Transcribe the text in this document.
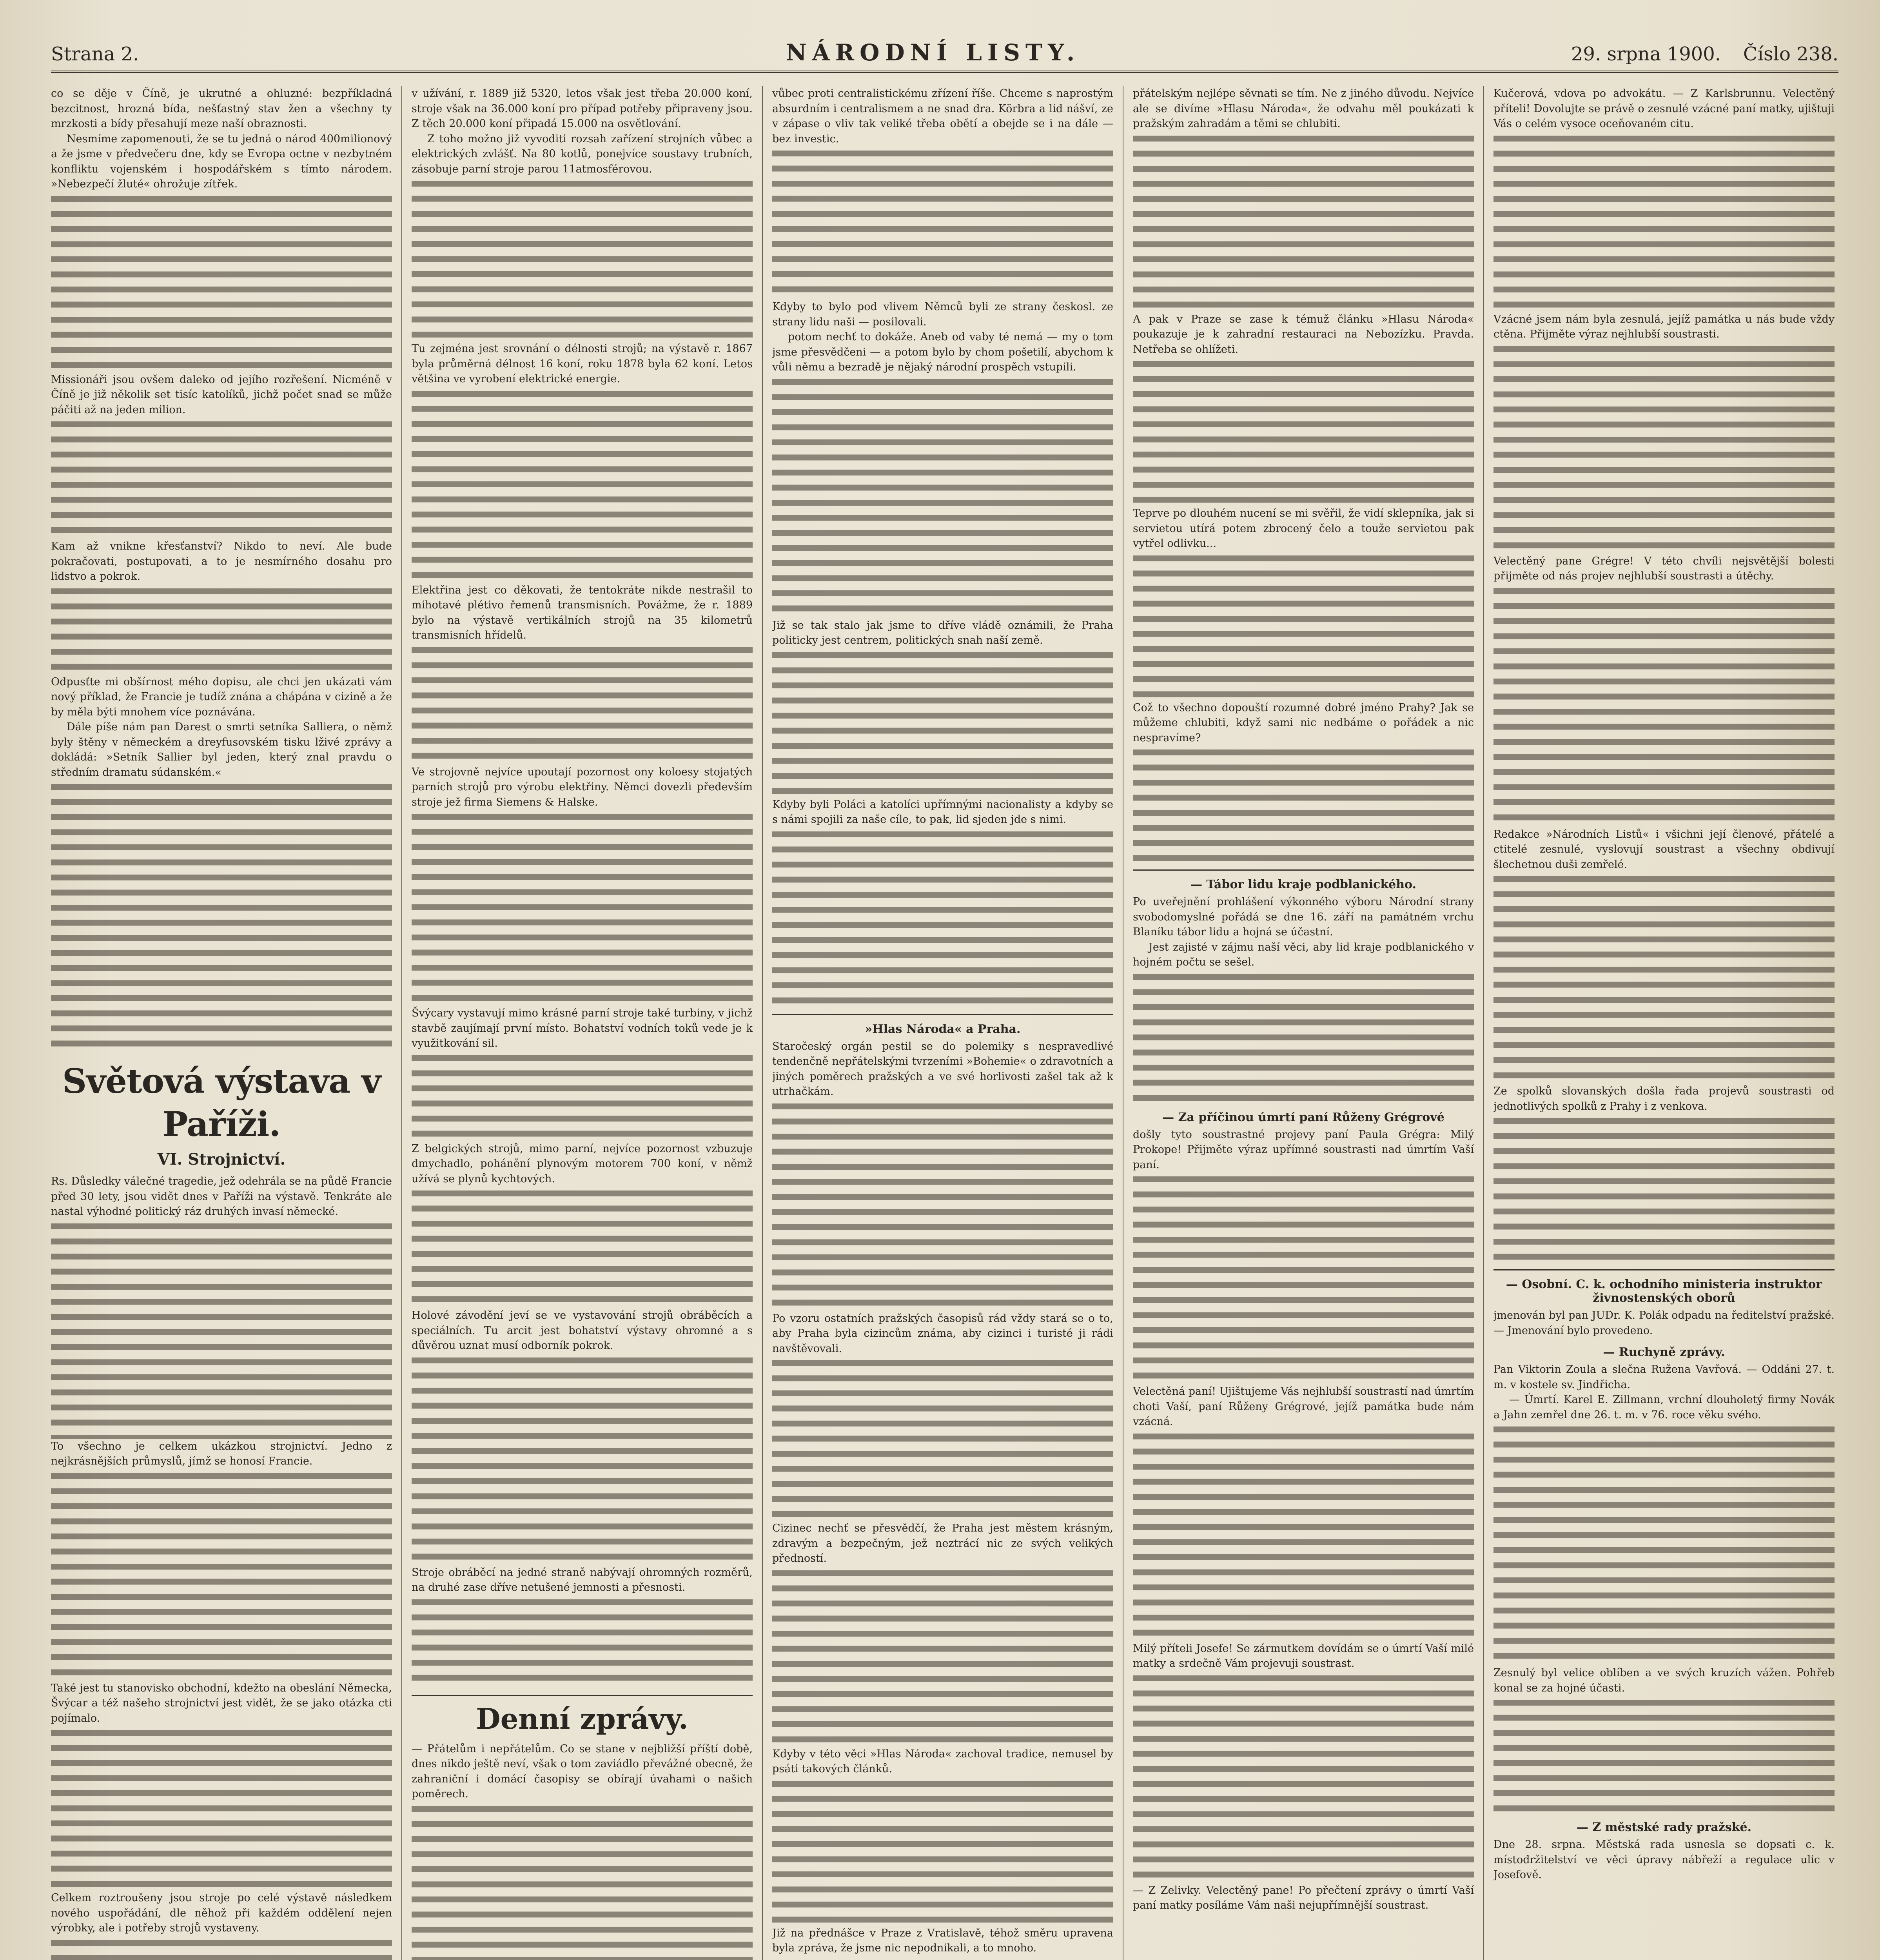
Strana 2.	NÁRODNÍ LISTY.	29. srpna 1900. Číslo 238.

co se děje v Číně, je ukrutné a ohluzné: bezpříkladná bezcitnost, hrozná bída, nešťastný stav žen a všechny ty mrzkosti a bídy přesahují meze naší obraznosti.

Nesmíme zapomenouti, že se tu jedná o národ 400milionový a že jsme v předvečeru dne, kdy se Evropa octne v nezbytném konfliktu vojenském i hospodářském s tímto národem. »Nebezpečí žluté« ohrožuje zítřek.

Missionáři jsou ovšem daleko od jejího rozřešení. Nicméně v Číně je již několik set tisíc katolíků, jichž počet snad se může páčiti až na jeden milion.

Kam až vnikne křesťanství? Nikdo to neví. Ale bude pokračovati, postupovati, a to je nesmírného dosahu pro lidstvo a pokrok.

Odpusťte mi obšírnost mého dopisu, ale chci jen ukázati vám nový příklad, že Francie je tudíž znána a chápána v cizině a že by měla býti mnohem více poznávána.

Dále píše nám pan Darest o smrti setníka Salliera, o němž byly štěny v německém a dreyfusovském tisku lživé zprávy a dokládá: »Setník Sallier byl jeden, který znal pravdu o středním dramatu súdanském.«

Světová výstava v Paříži.
VI. Strojnictví.

Rs. Důsledky válečné tragedie, jež odehrála se na půdě Francie před 30 lety, jsou vidět dnes v Paříži na výstavě. Tenkráte ale nastal výhodné politický ráz druhých invasí německé.

To všechno je celkem ukázkou strojnictví. Jedno z nejkrásnějších průmyslů, jímž se honosí Francie.

Také jest tu stanovisko obchodní, kdežto na obeslání Německa, Švýcar a též našeho strojnictví jest vidět, že se jako otázka cti pojímalo.

Celkem roztroušeny jsou stroje po celé výstavě následkem nového uspořádání, dle něhož při každém oddělení nejen výrobky, ale i potřeby strojů vystaveny.

v užívání, r. 1889 již 5320, letos však jest třeba 20.000 koní, stroje však na 36.000 koní pro případ potřeby připraveny jsou. Z těch 20.000 koní připadá 15.000 na osvětlování.

Z toho možno již vyvoditi rozsah zařízení strojních vůbec a elektrických zvlášť. Na 80 kotlů, ponejvíce soustavy trubních, zásobuje parní stroje parou 11atmosférovou.

Tu zejména jest srovnání o délnosti strojů; na výstavě r. 1867 byla průměrná délnost 16 koní, roku 1878 byla 62 koní. Letos většina ve vyrobení elektrické energie.

Elektřina jest co děkovati, že tentokráte nikde nestrašil to mihotavé plétivo řemenů transmisních. Povážme, že r. 1889 bylo na výstavě vertikálních strojů na 35 kilometrů transmisních hřídelů.

Ve strojovně nejvíce upoutají pozornost ony koloesy stojatých parních strojů pro výrobu elektřiny. Němci dovezli především stroje jež firma Siemens & Halske.

Švýcary vystavují mimo krásné parní stroje také turbiny, v jichž stavbě zaujímají první místo. Bohatství vodních toků vede je k využitkování sil.

Z belgických strojů, mimo parní, nejvíce pozornost vzbuzuje dmychadlo, pohánění plynovým motorem 700 koní, v němž užívá se plynů kychtových.

Holové závodění jeví se ve vystavování strojů obráběcích a speciálních. Tu arcit jest bohatství výstavy ohromné a s důvěrou uznat musí odborník pokrok.

Stroje obráběcí na jedné straně nabývají ohromných rozměrů, na druhé zase dříve netušené jemnosti a přesnosti.

Denní zprávy.

— Přátelům i nepřátelům. Co se stane v nejbližší příští době, dnes nikdo ještě neví, však o tom zaviádlo převážné obecně, že zahraniční i domácí časopisy se obírají úvahami o našich poměrech.

vůbec proti centralistickému zřízení říše. Chceme s naprostým absurdním i centralismem a ne snad dra. Körbra a lid nášví, ze v zápase o vliv tak veliké třeba obětí a obejde se i na dále — bez investic.

Kdyby to bylo pod vlivem Němců byli ze strany českosl. ze strany lidu naši — posilovali.

potom nechť to dokáže. Aneb od vaby té nemá — my o tom jsme přesvědčeni — a potom bylo by chom pošetilí, abychom k vůli němu a bezradě je nějaký národní prospěch vstupili.

Již se tak stalo jak jsme to dříve vládě oznámili, že Praha politicky jest centrem, politických snah naší země.

Kdyby byli Poláci a katolíci upřímnými nacionalisty a kdyby se s námi spojili za naše cíle, to pak, lid sjeden jde s nimi.

»Hlas Národa« a Praha.

Staročeský orgán pestil se do polemiky s nespravedlivé tendenčně nepřátelskými tvrzeními »Bohemie« o zdravotních a jiných poměrech pražských a ve své horlivosti zašel tak až k utrhačkám.

Po vzoru ostatních pražských časopisů rád vždy stará se o to, aby Praha byla cizincům známa, aby cizinci i turisté ji rádi navštěvovali.

Cizinec nechť se přesvědčí, že Praha jest městem krásným, zdravým a bezpečným, jež neztrácí nic ze svých velikých předností.

Kdyby v této věci »Hlas Národa« zachoval tradice, nemusel by psáti takových článků.

Již na přednášce v Praze z Vratislavě, téhož směru upravena byla zpráva, že jsme nic nepodnikali, a to mnoho.

přátelským nejlépe sěvnati se tím. Ne z jiného důvodu. Nejvíce ale se divíme »Hlasu Národa«, že odvahu měl poukázati k pražským zahradám a těmi se chlubiti.

A pak v Praze se zase k témuž článku »Hlasu Národa« poukazuje je k zahradní restauraci na Nebozízku. Pravda. Netřeba se ohlížeti.

Teprve po dlouhém nucení se mi svěřil, že vidí sklepníka, jak si servietou utírá potem zbrocený čelo a touže servietou pak vytřel odlivku...

Což to všechno dopouští rozumné dobré jméno Prahy? Jak se můžeme chlubiti, když sami nic nedbáme o pořádek a nic nespravíme?

— Tábor lidu kraje podblanického.

Po uveřejnění prohlášení výkonného výboru Národní strany svobodomyslné pořádá se dne 16. září na památném vrchu Blaníku tábor lidu a hojná se účastní.

Jest zajisté v zájmu naší věci, aby lid kraje podblanického v hojném počtu se sešel.

— Za příčinou úmrtí paní Růženy Grégrové

došly tyto soustrastné projevy paní Paula Grégra: Milý Prokope! Přijměte výraz upřímné soustrasti nad úmrtím Vaší paní.

Velectěná paní! Ujištujeme Vás nejhlubší soustrastí nad úmrtím choti Vaší, paní Růženy Grégrové, jejíž památka bude nám vzácná.

Milý příteli Josefe! Se zármutkem dovídám se o úmrtí Vaší milé matky a srdečně Vám projevuji soustrast.

— Z Zelivky. Velectěný pane! Po přečtení zprávy o úmrtí Vaší paní matky posíláme Vám naši nejupřímnější soustrast.

Kučerová, vdova po advokátu. — Z Karlsbrunnu. Velectěný příteli! Dovolujte se právě o zesnulé vzácné paní matky, ujištuji Vás o celém vysoce oceňovaném citu.

Vzácné jsem nám byla zesnulá, jejíž památka u nás bude vždy ctěna. Přijměte výraz nejhlubší soustrasti.

Velectěný pane Grégre! V této chvíli nejsvětější bolesti přijměte od nás projev nejhlubší soustrasti a útěchy.

Redakce »Národních Listů« i všichni její členové, přátelé a ctitelé zesnulé, vyslovují soustrast a všechny obdivují šlechetnou duši zemřelé.

Ze spolků slovanských došla řada projevů soustrasti od jednotlivých spolků z Prahy i z venkova.

— Osobní. C. k. ochodního ministeria instruktor živnostenských oborů

jmenován byl pan JUDr. K. Polák odpadu na ředitelství pražské. — Jmenování bylo provedeno.

— Ruchyně zprávy.

Pan Viktorin Zoula a slečna Ružena Vavřová. — Oddáni 27. t. m. v kostele sv. Jindřicha.

— Úmrtí. Karel E. Zillmann, vrchní dlouholetý firmy Novák a Jahn zemřel dne 26. t. m. v 76. roce věku svého.

Zesnulý byl velice oblíben a ve svých kruzích vážen. Pohřeb konal se za hojné účasti.

— Z městské rady pražské.

Dne 28. srpna. Městská rada usnesla se dopsati c. k. místodržitelství ve věci úpravy nábřeží a regulace ulic v Josefově.
